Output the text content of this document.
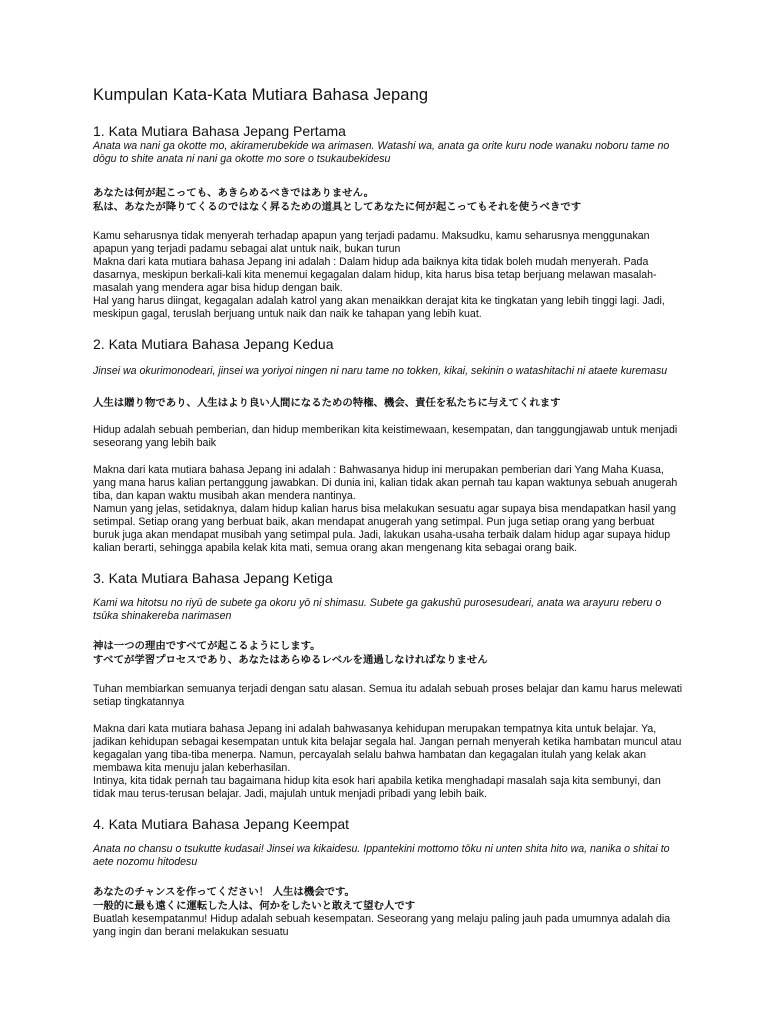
Kumpulan Kata-Kata Mutiara Bahasa Jepang
1. Kata Mutiara Bahasa Jepang Pertama

Anata wa nani ga okotte mo, akiramerubekide wa arimasen. Watashi wa, anata ga orite kuru node wanaku noboru tame no dōgu to shite anata ni nani ga okotte mo sore o tsukaubekidesu

あなたは何が起こっても、あきらめるべきではありません。
私は、あなたが降りてくるのではなく昇るための道具としてあなたに何が起こってもそれを使うべきです
Kamu seharusnya tidak menyerah terhadap apapun yang terjadi padamu. Maksudku, kamu seharusnya menggunakan apapun yang terjadi padamu sebagai alat untuk naik, bukan turun
Makna dari kata mutiara bahasa Jepang ini adalah : Dalam hidup ada baiknya kita tidak boleh mudah menyerah. Pada dasarnya, meskipun berkali-kali kita menemui kegagalan dalam hidup, kita harus bisa tetap berjuang melawan masalah-masalah yang mendera agar bisa hidup dengan baik.
Hal yang harus diingat, kegagalan adalah katrol yang akan menaikkan derajat kita ke tingkatan yang lebih tinggi lagi. Jadi, meskipun gagal, teruslah berjuang untuk naik dan naik ke tahapan yang lebih kuat.
2. Kata Mutiara Bahasa Jepang Kedua

Jinsei wa okurimonodeari, jinsei wa yoriyoi ningen ni naru tame no tokken, kikai, sekinin o watashitachi ni ataete kuremasu

人生は贈り物であり、人生はより良い人間になるための特権、機会、責任を私たちに与えてくれます
Hidup adalah sebuah pemberian, dan hidup memberikan kita keistimewaan, kesempatan, dan tanggungjawab untuk menjadi seseorang yang lebih baik
Makna dari kata mutiara bahasa Jepang ini adalah : Bahwasanya hidup ini merupakan pemberian dari Yang Maha Kuasa, yang mana harus kalian pertanggung jawabkan. Di dunia ini, kalian tidak akan pernah tau kapan waktunya sebuah anugerah tiba, dan kapan waktu musibah akan mendera nantinya.
Namun yang jelas, setidaknya, dalam hidup kalian harus bisa melakukan sesuatu agar supaya bisa mendapatkan hasil yang setimpal. Setiap orang yang berbuat baik, akan mendapat anugerah yang setimpal. Pun juga setiap orang yang berbuat buruk juga akan mendapat musibah yang setimpal pula. Jadi, lakukan usaha-usaha terbaik dalam hidup agar supaya hidup kalian berarti, sehingga apabila kelak kita mati, semua orang akan mengenang kita sebagai orang baik.
3. Kata Mutiara Bahasa Jepang Ketiga

Kami wa hitotsu no riyū de subete ga okoru yō ni shimasu. Subete ga gakushū purosesudeari, anata wa arayuru reberu o tsūka shinakereba narimasen

神は一つの理由ですべてが起こるようにします。
すべてが学習プロセスであり、あなたはあらゆるレベルを通過しなければなりません
Tuhan membiarkan semuanya terjadi dengan satu alasan. Semua itu adalah sebuah proses belajar dan kamu harus melewati setiap tingkatannya
Makna dari kata mutiara bahasa Jepang ini adalah bahwasanya kehidupan merupakan tempatnya kita untuk belajar. Ya, jadikan kehidupan sebagai kesempatan untuk kita belajar segala hal. Jangan pernah menyerah ketika hambatan muncul atau kegagalan yang tiba-tiba menerpa. Namun, percayalah selalu bahwa hambatan dan kegagalan itulah yang kelak akan membawa kita menuju jalan keberhasilan.
Intinya, kita tidak pernah tau bagaimana hidup kita esok hari apabila ketika menghadapi masalah saja kita sembunyi, dan tidak mau terus-terusan belajar. Jadi, majulah untuk menjadi pribadi yang lebih baik.
4. Kata Mutiara Bahasa Jepang Keempat

Anata no chansu o tsukutte kudasai! Jinsei wa kikaidesu. Ippantekini mottomo tōku ni unten shita hito wa, nanika o shitai to aete nozomu hitodesu

あなたのチャンスを作ってください！ 人生は機会です。
一般的に最も遠くに運転した人は、何かをしたいと敢えて望む人です
Buatlah kesempatanmu! Hidup adalah sebuah kesempatan. Seseorang yang melaju paling jauh pada umumnya adalah dia yang ingin dan berani melakukan sesuatu
